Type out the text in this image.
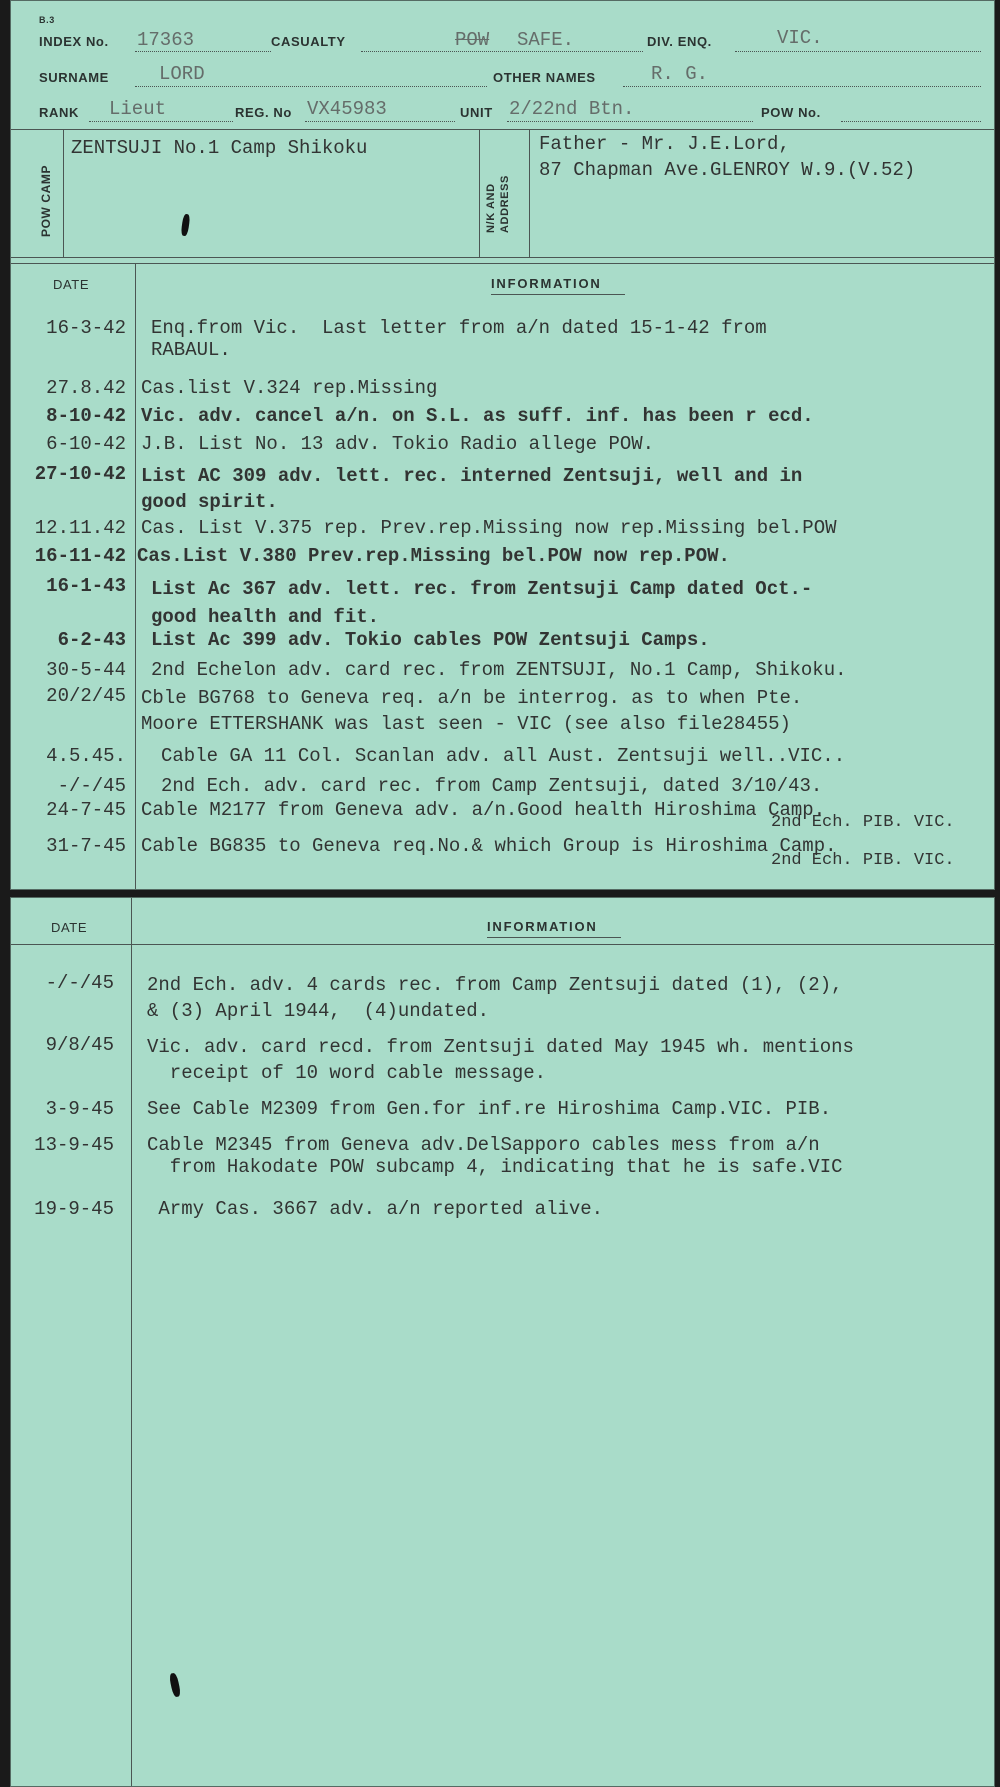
B.3
INDEX No. 17363	CASUALTY	POW SAFE.	DIV. ENQ.	VIC.
SURNAME	LORD	OTHER NAMES	R. G.
RANK Lieut	REG. No VX45983	UNIT 2/22nd Btn.	POW No.
POW CAMP
ZENTSUJI No.1 Camp Shikoku
N/K AND ADDRESS
Father - Mr. J.E.Lord,
87 Chapman Ave.GLENROY W.9.(V.52)
DATE	INFORMATION
16-3-42 Enq.from Vic.  Last letter from a/n dated 15-1-42 from
RABAUL.
27.8.42 Cas.list V.324 rep.Missing
8-10-42 Vic. adv. cancel a/n. on S.L. as suff. inf. has been r ecd.
6-10-42 J.B. List No. 13 adv. Tokio Radio allege POW.
27-10-42 List AC 309 adv. lett. rec. interned Zentsuji, well and in
good spirit.
12.11.42 Cas. List V.375 rep. Prev.rep.Missing now rep.Missing bel.POW
16-11-42 Cas.List V.380 Prev.rep.Missing bel.POW now rep.POW.
16-1-43 List Ac 367 adv. lett. rec. from Zentsuji Camp dated Oct.-
good health and fit.
6-2-43 List Ac 399 adv. Tokio cables POW Zentsuji Camps.
30-5-44 2nd Echelon adv. card rec. from ZENTSUJI, No.1 Camp, Shikoku.
20/2/45 Cble BG768 to Geneva req. a/n be interrog. as to when Pte.
Moore ETTERSHANK was last seen - VIC (see also file28455)
4.5.45. Cable GA 11 Col. Scanlan adv. all Aust. Zentsuji well..VIC..
-/-/45 2nd Ech. adv. card rec. from Camp Zentsuji, dated 3/10/43.
24-7-45 Cable M2177 from Geneva adv. a/n.Good health Hiroshima Camp.
2nd Ech. PIB. VIC.
31-7-45 Cable BG835 to Geneva req.No.& which Group is Hiroshima Camp.
2nd Ech. PIB. VIC.
DATE	INFORMATION
-/-/45 2nd Ech. adv. 4 cards rec. from Camp Zentsuji dated (1), (2),
& (3) April 1944,  (4)undated.
9/8/45 Vic. adv. card recd. from Zentsuji dated May 1945 wh. mentions
receipt of 10 word cable message.
3-9-45 See Cable M2309 from Gen.for inf.re Hiroshima Camp.VIC. PIB.
13-9-45 Cable M2345 from Geneva adv.DelSapporo cables mess from a/n
from Hakodate POW subcamp 4, indicating that he is safe.VIC
19-9-45 Army Cas. 3667 adv. a/n reported alive.
